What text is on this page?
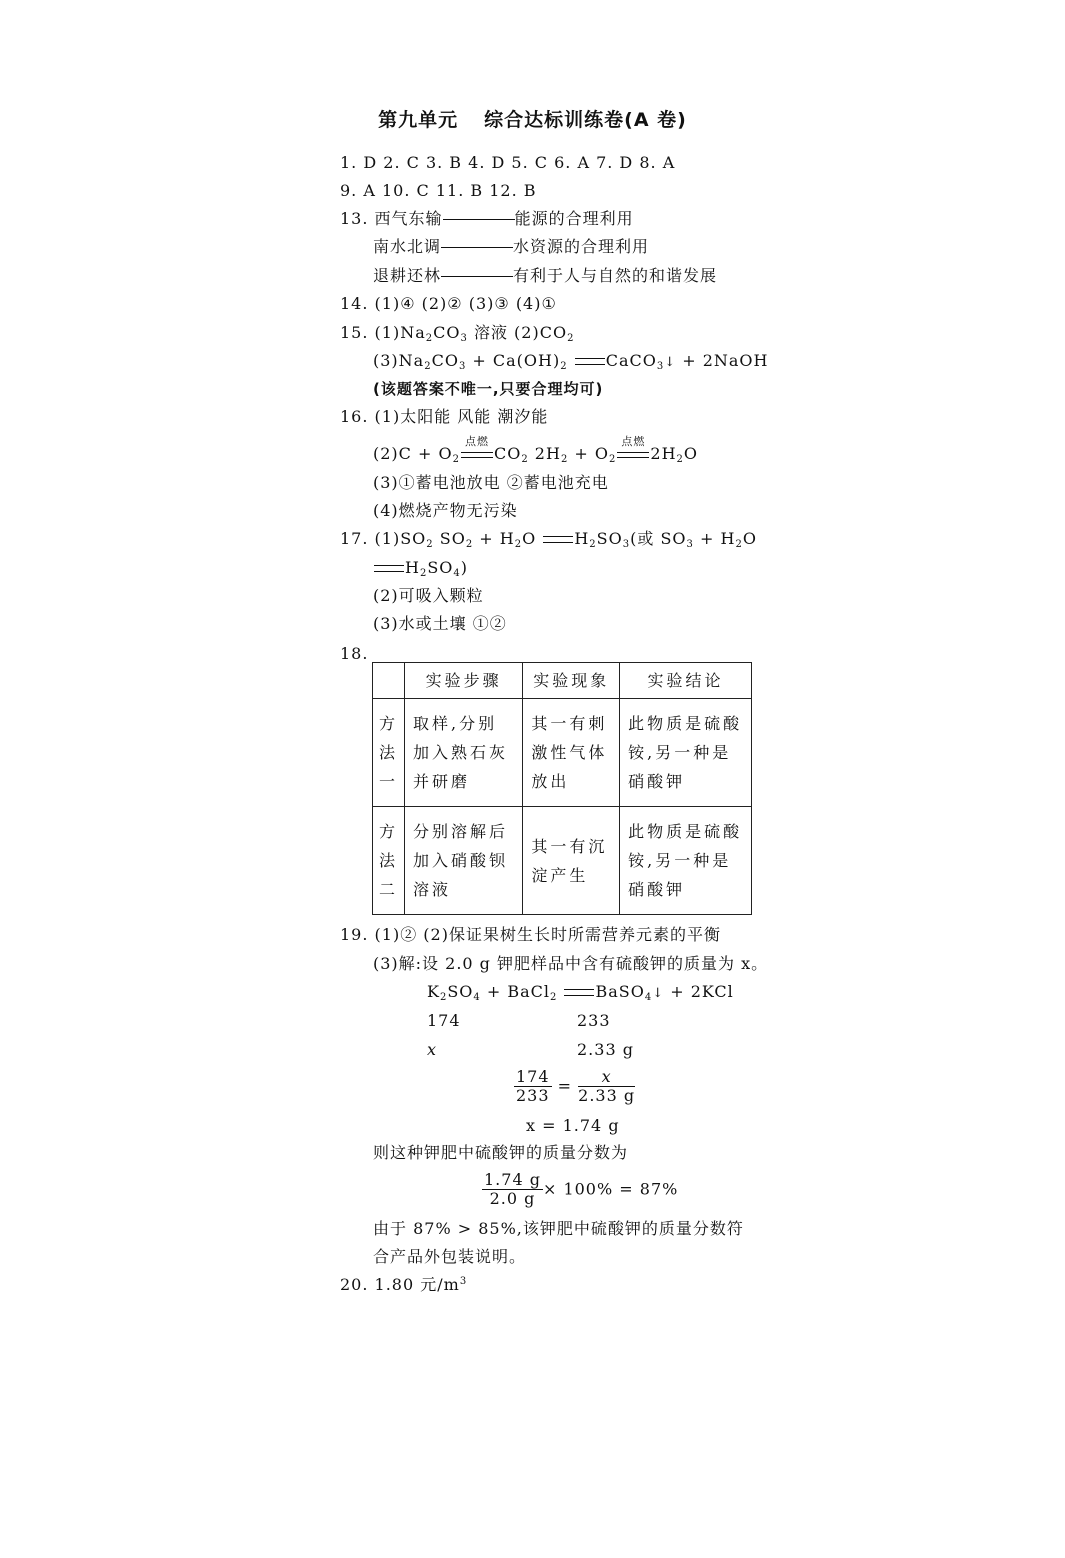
第九单元 综合达标训练卷(A 卷)
1. D 2. C 3. B 4. D 5. C 6. A 7. D 8. A
9. A 10. C 11. B 12. B
13. 西气东输	能源的合理利用
南水北调	水资源的合理利用
退耕还林	有利于人与自然的和谐发展
14. (1)④ (2)② (3)③ (4)①
15. $(1)Na_2CO_3$ 溶液 $(2)CO_2$
$(3)Na_2CO_3 + Ca(OH)_2$ CaCO$_3$↓ + 2NaOH
(该题答案不唯一,只要合理均可)
16. (1)太阳能 风能 潮汐能
$(2)C + O_2$
点燃
$CO_2$ $2H_2 + O_2$
点燃
$2H_2O$
(3)①蓄电池放电 ②蓄电池充电
(4)燃烧产物无污染
17. $(1)SO_2$ $SO_2 + H_2O$ $H_2SO_3$(或 $SO_3 + H_2O$
$H_2SO_4$)
(2)可吸入颗粒
(3)水或土壤 ①②
18.
	实验步骤	实验现象	实验结论
方法一	取样,分别加入熟石灰并研磨	其一有刺激性气体放出	此物质是硫酸铵,另一种是硝酸钾
方法二	分别溶解后加入硝酸钡溶液	其一有沉淀产生	此物质是硫酸铵,另一种是硝酸钾
19. (1)② (2)保证果树生长时所需营养元素的平衡
(3)解:设 2.0 g 钾肥样品中含有硫酸钾的质量为 x。
$K_2SO_4$ + BaCl$_2$ BaSO$_4$↓ + 2KCl
174	233
x	2.33 g
$\frac{174}{233} = \frac{x}{2.33 g}$
x = 1.74 g
则这种钾肥中硫酸钾的质量分数为
$\frac{1.74 g}{2.0 g} \times 100\% = 87\%$
由于 87% > 85%,该钾肥中硫酸钾的质量分数符
合产品外包装说明。
20. 1.80 元$/m^3$
